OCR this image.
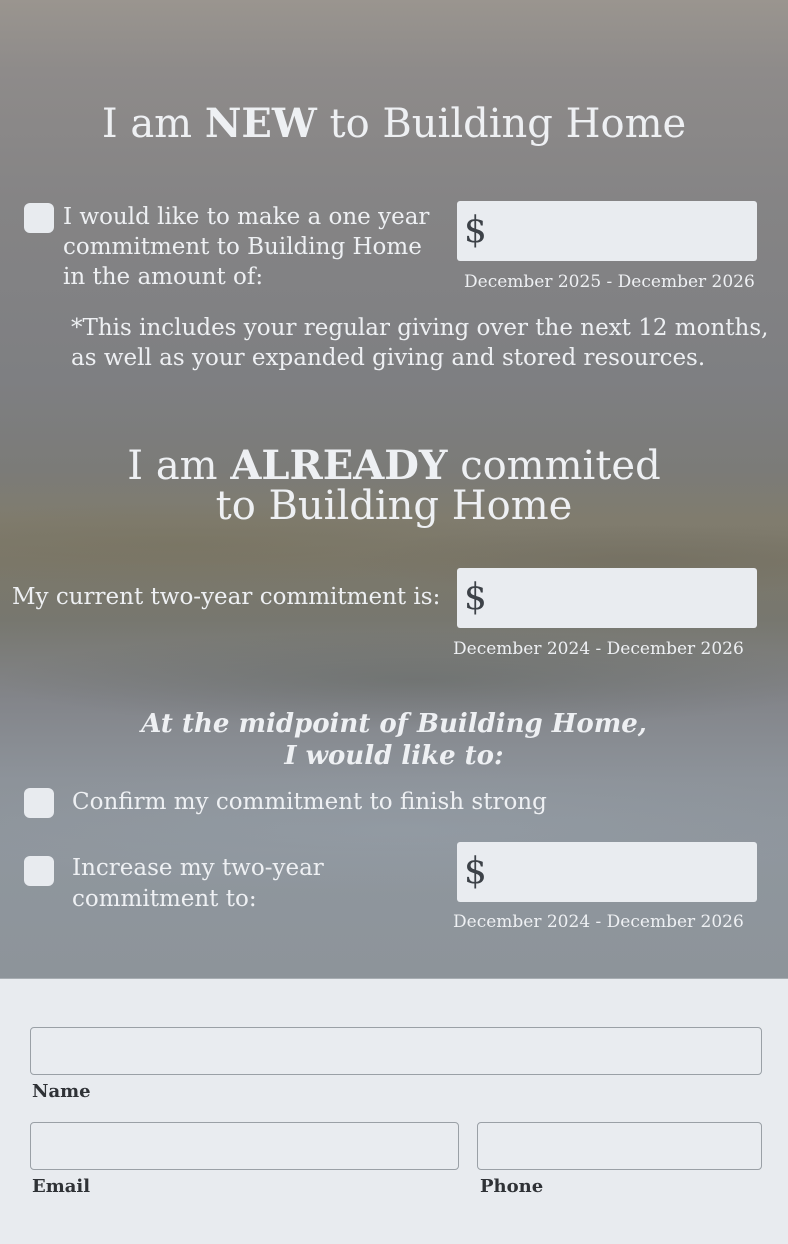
I am NEW to Building Home
I would like to make a one year
commitment to Building Home
in the amount of:
$
December 2025 - December 2026
*This includes your regular giving over the next 12 months,
as well as your expanded giving and stored resources.
I am ALREADY commited
to Building Home
My current two-year commitment is: $
December 2024 - December 2026
At the midpoint of Building Home,
I would like to:
Confirm my commitment to finish strong
Increase my two-year
commitment to:
$
December 2024 - December 2026
Name
Email	Phone
